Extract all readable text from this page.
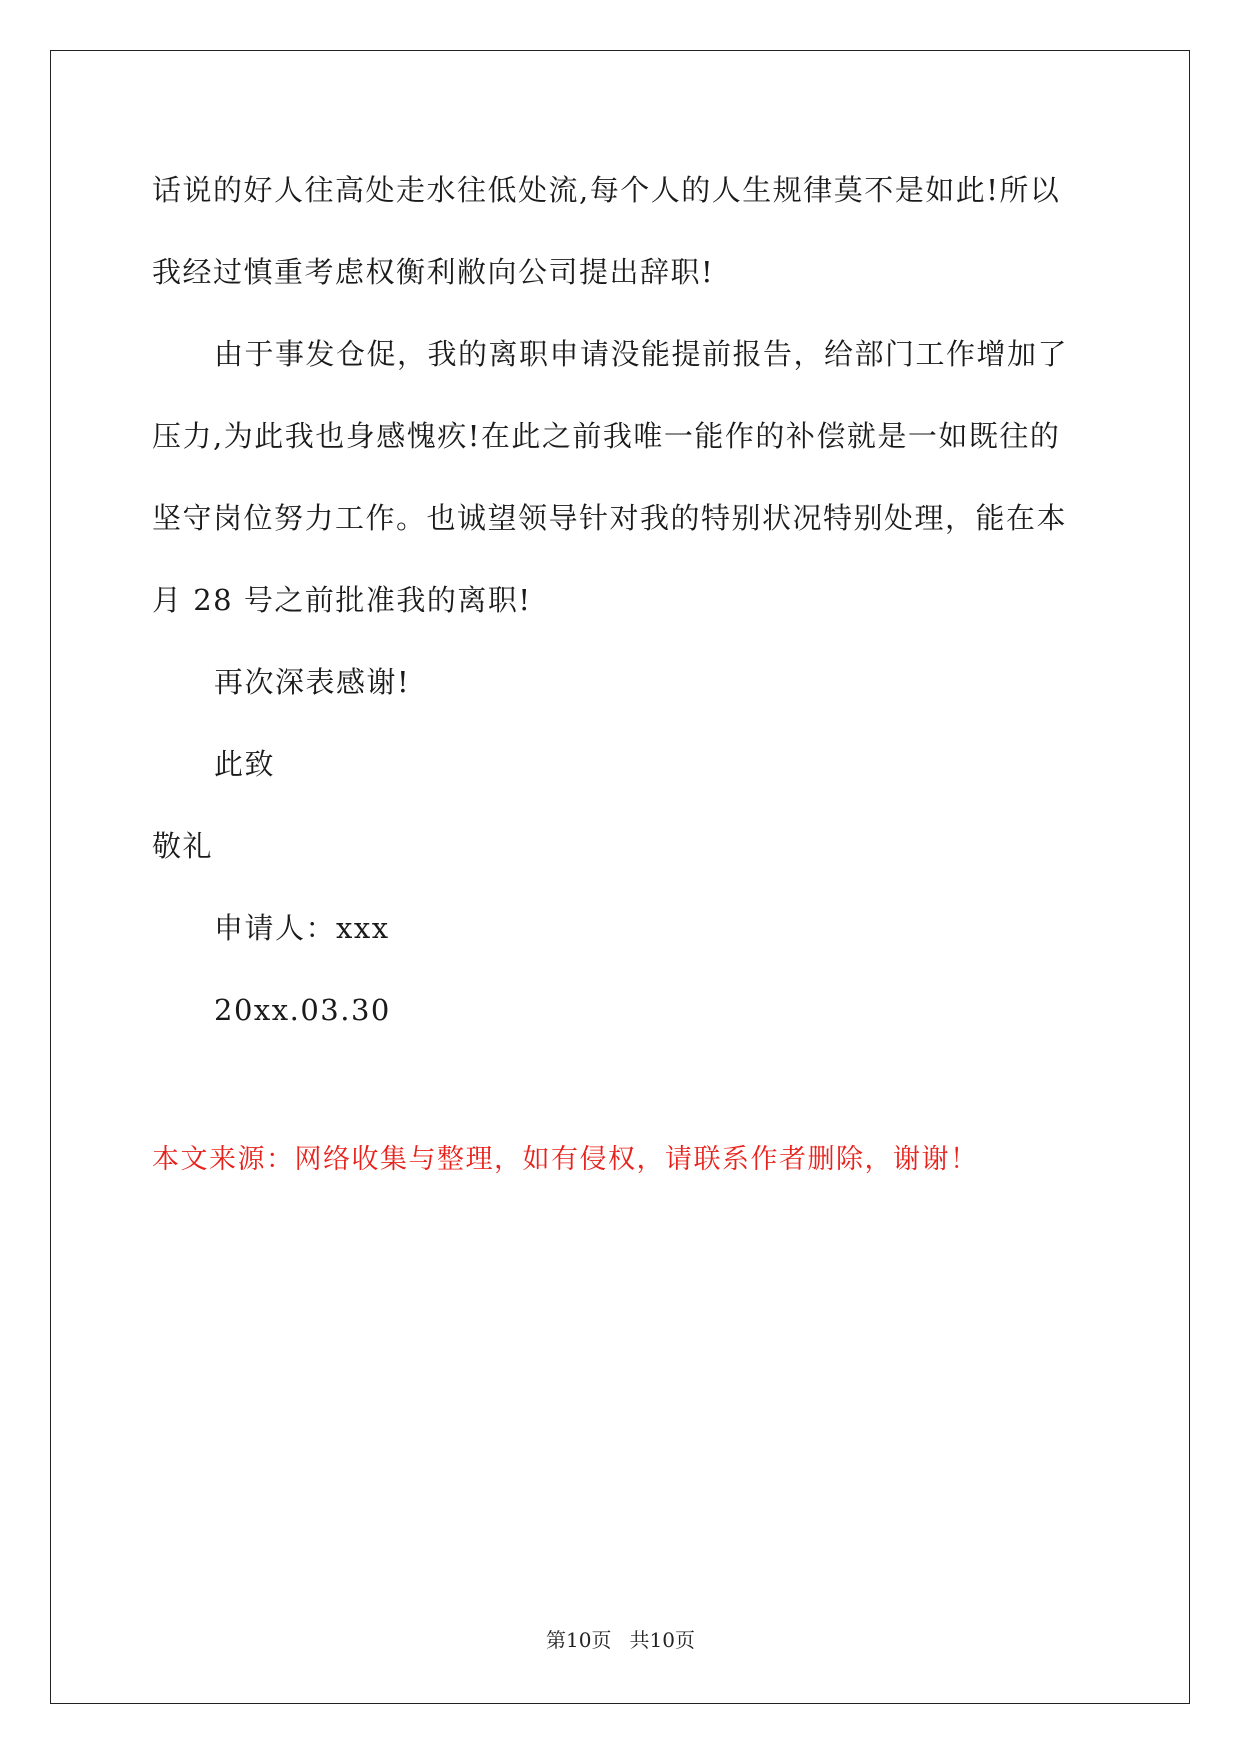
话说的好人往高处走水往低处流,每个人的人生规律莫不是如此!所以
我经过慎重考虑权衡利敝向公司提出辞职!
由于事发仓促，我的离职申请没能提前报告，给部门工作增加了
压力,为此我也身感愧疚!在此之前我唯一能作的补偿就是一如既往的
坚守岗位努力工作。也诚望领导针对我的特别状况特别处理，能在本
月 28 号之前批准我的离职!
再次深表感谢!
此致
敬礼
申请人：xxx
20xx.03.30
本文来源：网络收集与整理，如有侵权，请联系作者删除，谢谢！
第10页 共10页
